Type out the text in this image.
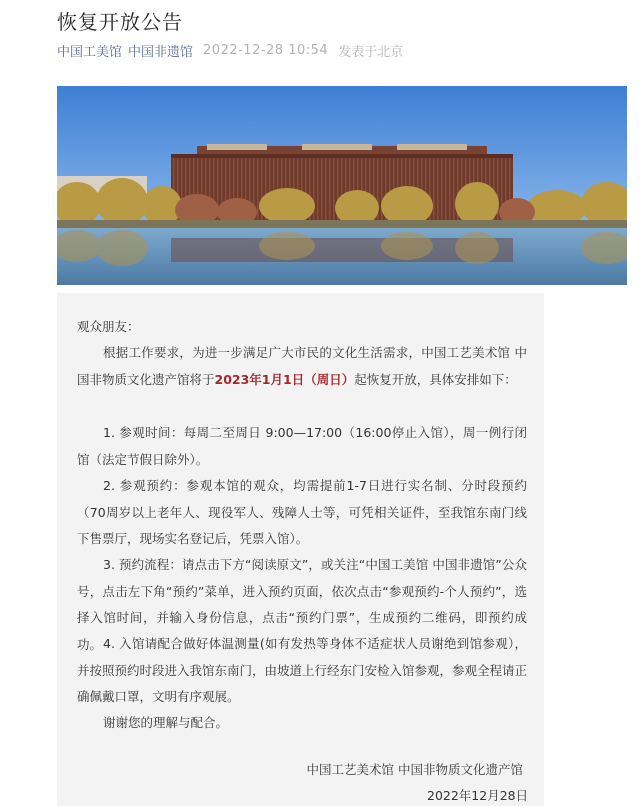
恢复开放公告
中国工美馆 中国非遗馆 2022-12-28 10:54 发表于北京

观众朋友：

根据工作要求，为进一步满足广大市民的文化生活需求，中国工艺美术馆 中国非物质文化遗产馆将于2023年1月1日（周日）起恢复开放，具体安排如下：

1. 参观时间：每周二至周日 9:00—17:00（16:00停止入馆），周一例行闭馆（法定节假日除外）。

2. 参观预约：参观本馆的观众，均需提前1-7日进行实名制、分时段预约（70周岁以上老年人、现役军人、残障人士等，可凭相关证件，至我馆东南门线下售票厅，现场实名登记后，凭票入馆）。

3. 预约流程：请点击下方“阅读原文”，或关注“中国工美馆 中国非遗馆”公众号，点击左下角“预约”菜单，进入预约页面，依次点击“参观预约-个人预约”，选择入馆时间，并输入身份信息，点击“预约门票”，生成预约二维码，即预约成功。 4. 入馆请配合做好体温测量(如有发热等身体不适症状人员谢绝到馆参观），并按照预约时段进入我馆东南门，由坡道上行经东门安检入馆参观，参观全程请正确佩戴口罩，文明有序观展。

谢谢您的理解与配合。

中国工艺美术馆 中国非物质文化遗产馆

2022年12月28日
